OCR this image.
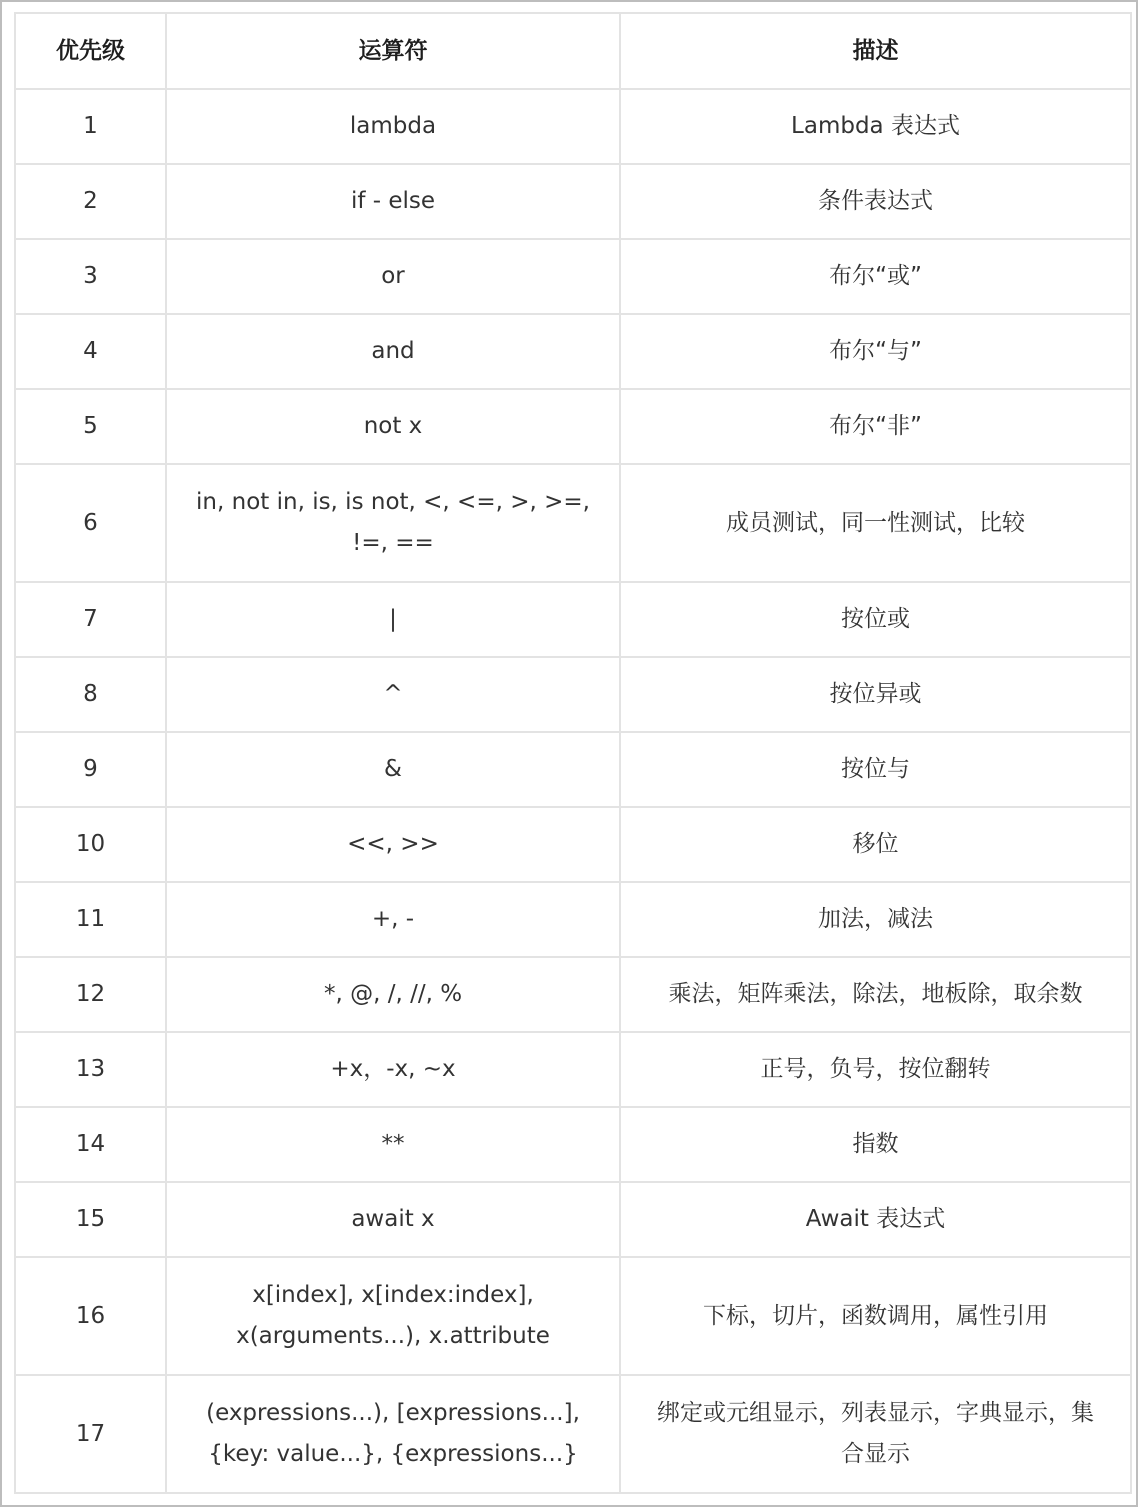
优先级	运算符	描述
1	lambda	Lambda 表达式
2	if - else	条件表达式
3	or	布尔“或”
4	and	布尔“与”
5	not x	布尔“非”
6	in, not in, is, is not, <, <=, >, >=, !=, ==	成员测试，同一性测试，比较
7	|	按位或
8	^	按位异或
9	&	按位与
10	<<, >>	移位
11	+, -	加法，减法
12	*, @, /, //, %	乘法，矩阵乘法，除法，地板除，取余数
13	+x，-x, ~x	正号，负号，按位翻转
14	**	指数
15	await x	Await 表达式
16	x[index], x[index:index], x(arguments...), x.attribute	下标，切片，函数调用，属性引用
17	(expressions...), [expressions...], {key: value...}, {expressions...}	绑定或元组显示，列表显示，字典显示，集合显示
